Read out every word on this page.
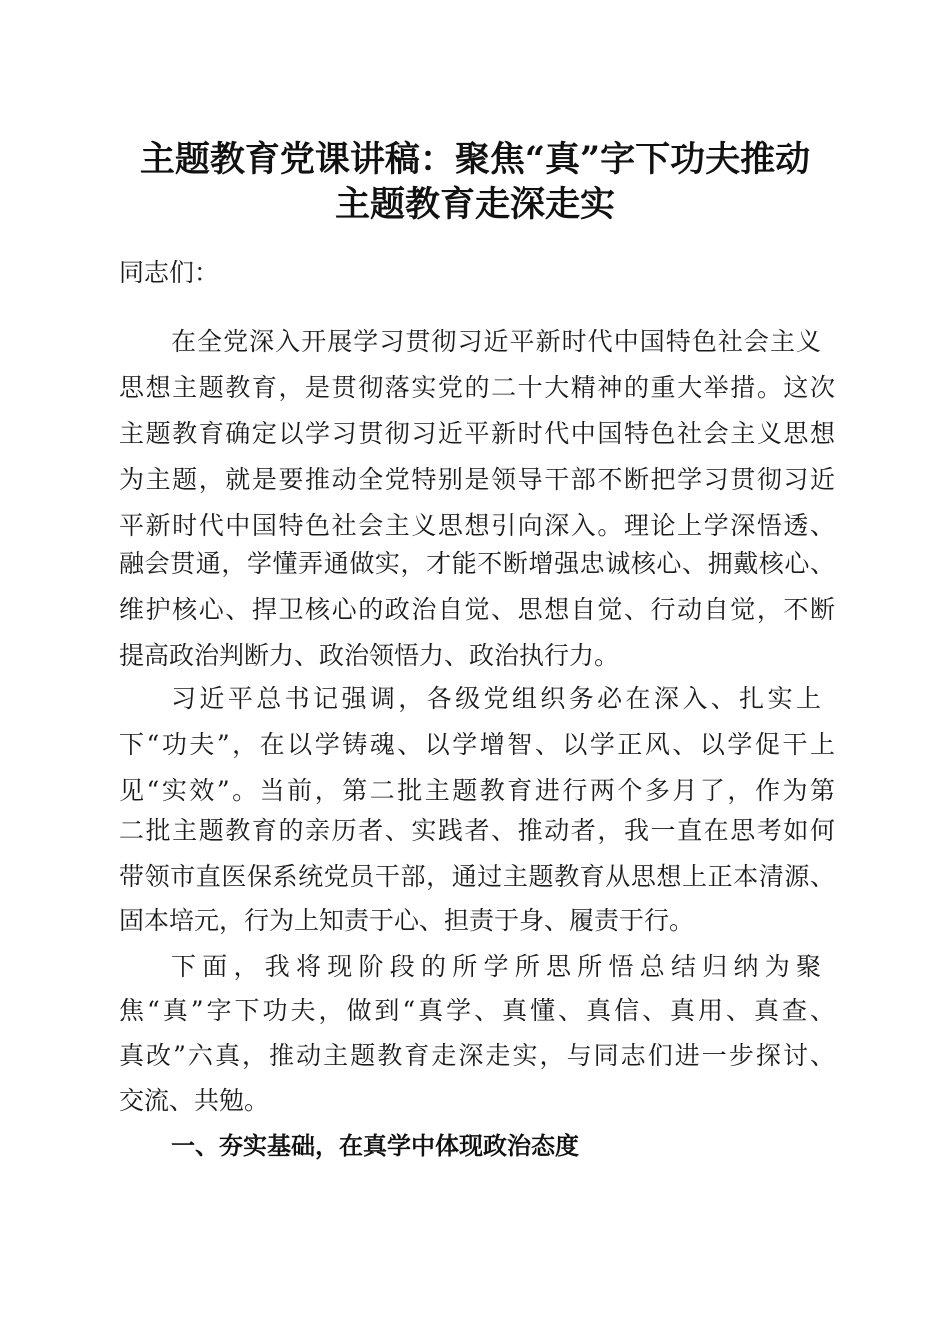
主题教育党课讲稿：聚焦“真”字下功夫推动
主题教育走深走实
同志们：
在全党深入开展学习贯彻习近平新时代中国特色社会主义
思想主题教育，是贯彻落实党的二十大精神的重大举措。这次
主题教育确定以学习贯彻习近平新时代中国特色社会主义思想
为主题，就是要推动全党特别是领导干部不断把学习贯彻习近
平新时代中国特色社会主义思想引向深入。理论上学深悟透、
融会贯通，学懂弄通做实，才能不断增强忠诚核心、拥戴核心、
维护核心、捍卫核心的政治自觉、思想自觉、行动自觉，不断
提高政治判断力、政治领悟力、政治执行力。
习近平总书记强调，各级党组织务必在深入、扎实上
下“功夫”，在以学铸魂、以学增智、以学正风、以学促干上
见“实效”。当前，第二批主题教育进行两个多月了，作为第
二批主题教育的亲历者、实践者、推动者，我一直在思考如何
带领市直医保系统党员干部，通过主题教育从思想上正本清源、
固本培元，行为上知责于心、担责于身、履责于行。
下面，我将现阶段的所学所思所悟总结归纳为聚
焦“真”字下功夫，做到“真学、真懂、真信、真用、真查、
真改”六真，推动主题教育走深走实，与同志们进一步探讨、
交流、共勉。
一、夯实基础，在真学中体现政治态度
